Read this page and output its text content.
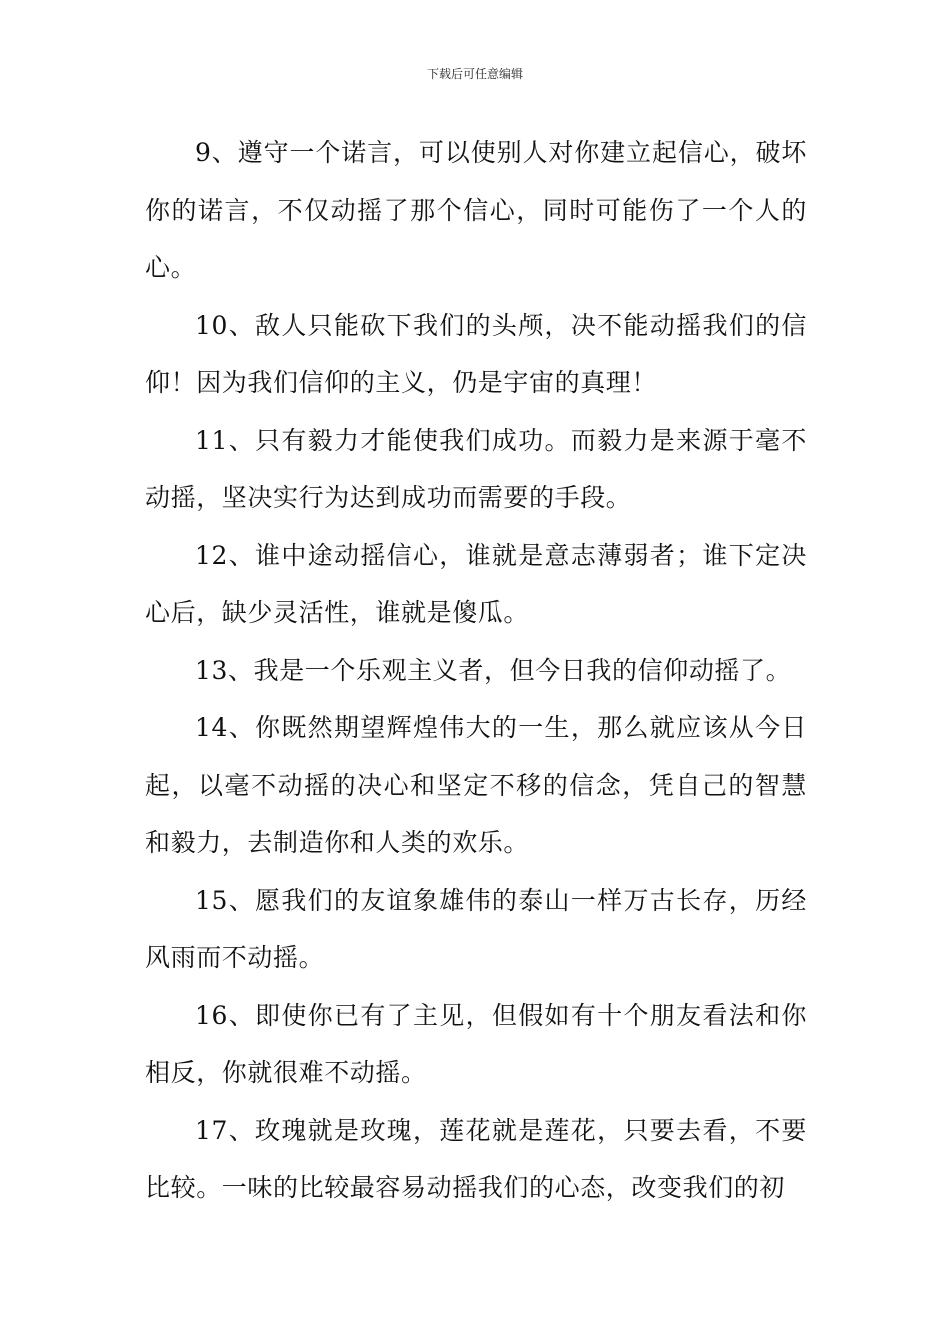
下载后可任意编辑

9、遵守一个诺言，可以使别人对你建立起信心，破坏你的诺言，不仅动摇了那个信心，同时可能伤了一个人的心。

10、敌人只能砍下我们的头颅，决不能动摇我们的信仰！因为我们信仰的主义，仍是宇宙的真理！

11、只有毅力才能使我们成功。而毅力是来源于毫不动摇，坚决实行为达到成功而需要的手段。

12、谁中途动摇信心，谁就是意志薄弱者；谁下定决心后，缺少灵活性，谁就是傻瓜。

13、我是一个乐观主义者，但今日我的信仰动摇了。

14、你既然期望辉煌伟大的一生，那么就应该从今日起，以毫不动摇的决心和坚定不移的信念，凭自己的智慧和毅力，去制造你和人类的欢乐。

15、愿我们的友谊象雄伟的泰山一样万古长存，历经风雨而不动摇。

16、即使你已有了主见，但假如有十个朋友看法和你相反，你就很难不动摇。

17、玫瑰就是玫瑰，莲花就是莲花，只要去看，不要比较。一味的比较最容易动摇我们的心态，改变我们的初
